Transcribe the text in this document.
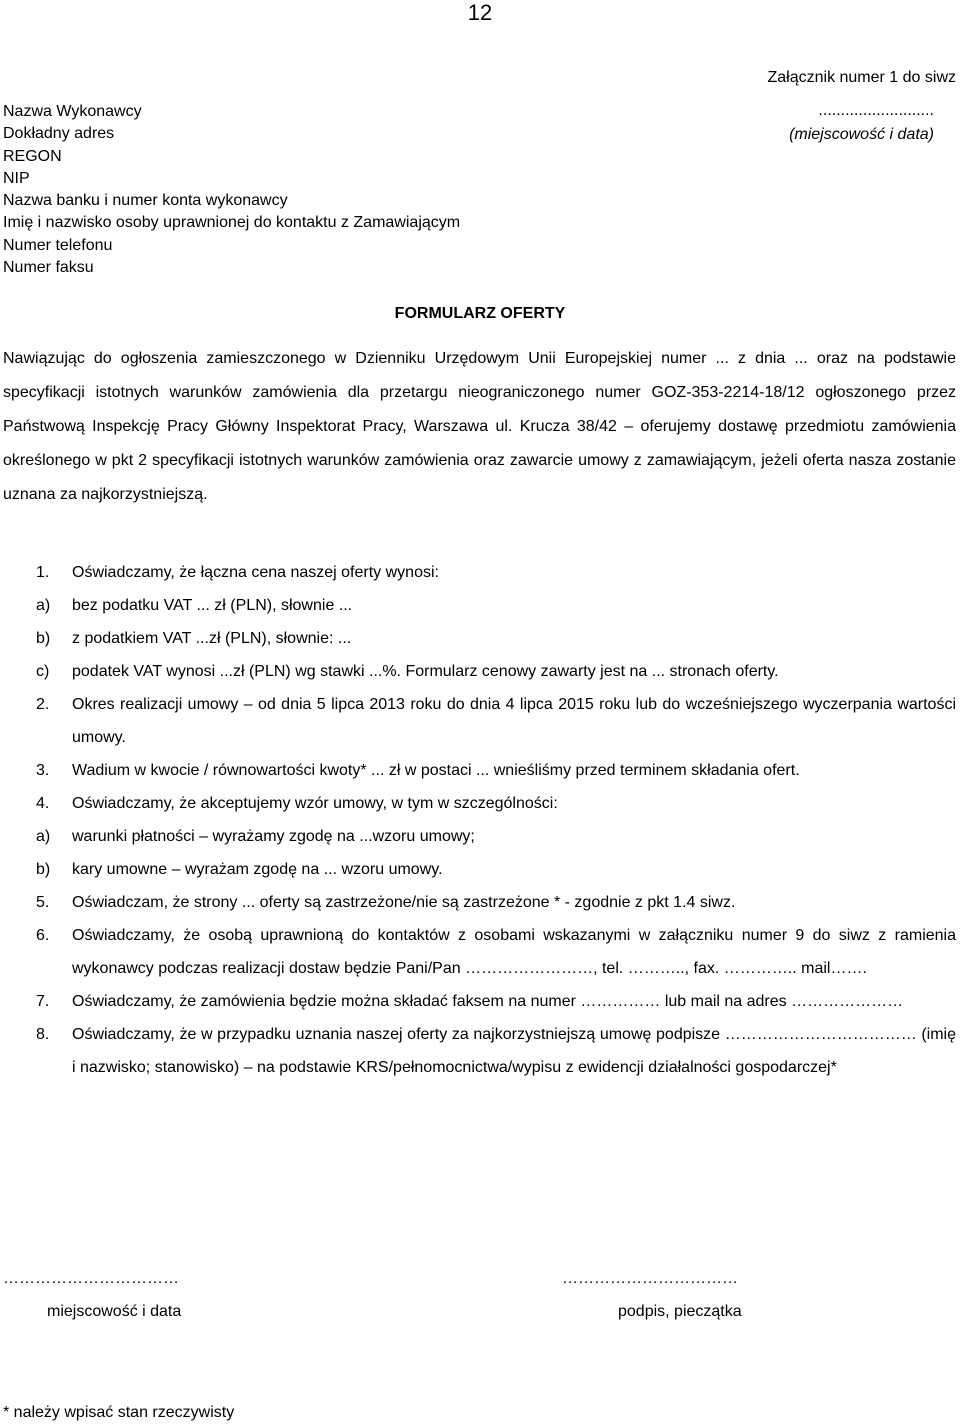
12
Załącznik numer 1 do siwz
..........................
(miejscowość i data)
Nazwa Wykonawcy
Dokładny adres
REGON
NIP
Nazwa banku i numer konta wykonawcy
Imię i nazwisko osoby uprawnionej do kontaktu z Zamawiającym
Numer telefonu
Numer faksu
FORMULARZ OFERTY

Nawiązując do ogłoszenia zamieszczonego w Dzienniku Urzędowym Unii Europejskiej numer ... z dnia ... oraz na podstawie specyfikacji istotnych warunków zamówienia dla przetargu nieograniczonego numer GOZ-353-2214-18/12 ogłoszonego przez Państwową Inspekcję Pracy Główny Inspektorat Pracy, Warszawa ul. Krucza 38/42 – oferujemy dostawę przedmiotu zamówienia określonego w pkt 2 specyfikacji istotnych warunków zamówienia oraz zawarcie umowy z zamawiającym, jeżeli oferta nasza zostanie uznana za najkorzystniejszą.

1. Oświadczamy, że łączna cena naszej oferty wynosi:
a) bez podatku VAT ... zł (PLN), słownie ...
b) z podatkiem VAT ...zł (PLN), słownie: ...
c) podatek VAT wynosi ...zł (PLN) wg stawki ...%. Formularz cenowy zawarty jest na ... stronach oferty.
2. Okres realizacji umowy – od dnia 5 lipca 2013 roku do dnia 4 lipca 2015 roku lub do wcześniejszego wyczerpania wartości umowy.
3. Wadium w kwocie / równowartości kwoty* ... zł w postaci ... wnieśliśmy przed terminem składania ofert.
4. Oświadczamy, że akceptujemy wzór umowy, w tym w szczególności:
a) warunki płatności – wyrażamy zgodę na ...wzoru umowy;
b) kary umowne – wyrażam zgodę na ... wzoru umowy.
5. Oświadczam, że strony ... oferty są zastrzeżone/nie są zastrzeżone * - zgodnie z pkt 1.4 siwz.
6. Oświadczamy, że osobą uprawnioną do kontaktów z osobami wskazanymi w załączniku numer 9 do siwz z ramienia wykonawcy podczas realizacji dostaw będzie Pani/Pan ……………………, tel. ……….., fax. ………….. mail…….
7. Oświadczamy, że zamówienia będzie można składać faksem na numer …………… lub mail na adres …………………
8. Oświadczamy, że w przypadku uznania naszej oferty za najkorzystniejszą umowę podpisze ……………………………… (imię i nazwisko; stanowisko) – na podstawie KRS/pełnomocnictwa/wypisu z ewidencji działalności gospodarczej*
……………………………
miejscowość i data
……………………………
podpis, pieczątka
* należy wpisać stan rzeczywisty
